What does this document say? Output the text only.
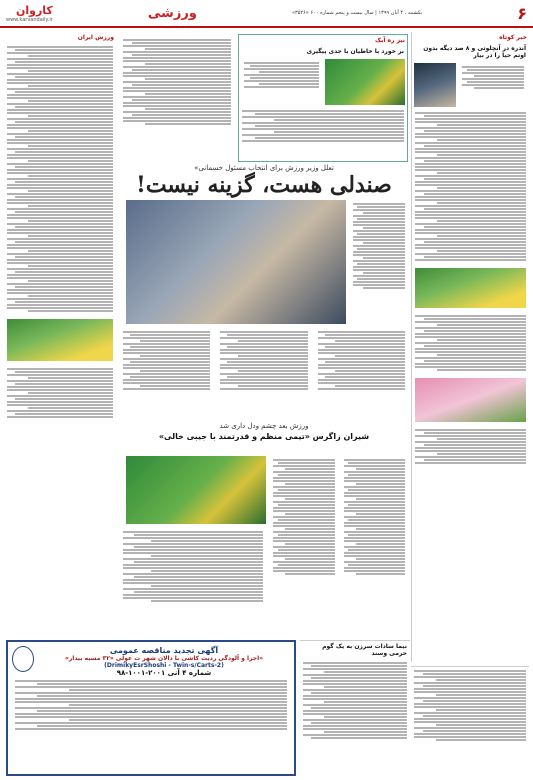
۶
یکشنبه ، ۴ آبان ۱۳۹۹ | سال بیست و پنجم شماره ۶۰۰ «۳۵۲۶»
ورزشی
کاروان
www.karvandaily.ir
خبر کوتاه
آندره در آنچلوتی و ۸ صد دیگه بدون اوتم حیا را در بیار
نیز ره آیک
بر خورد با خاطیان با جدی پیگیری
تعلل وزیر ورزش برای انتخاب مسئول خسمانی»
صندلی هست، گزینه نیست!
ورزش بعد چشم ودل داری شد
شیران زاگرس «تیمی منظم و قدرتمند با جیبی خالی»
ورزش ایران
نیما سادات سرزن به یک گوم حرمی وسند
آگهی تجدید مناقصه عمومی
«اجرا و آلودگی ردیت کاشی با دالان شهر ت عولی «۳۲ مسیه بیدار»
(2-DrimikyEsrShoshi - Twin-s/Carts)
شماره ۴ آنی ۲۰۰۱-۱۰۰۱-۹۸
